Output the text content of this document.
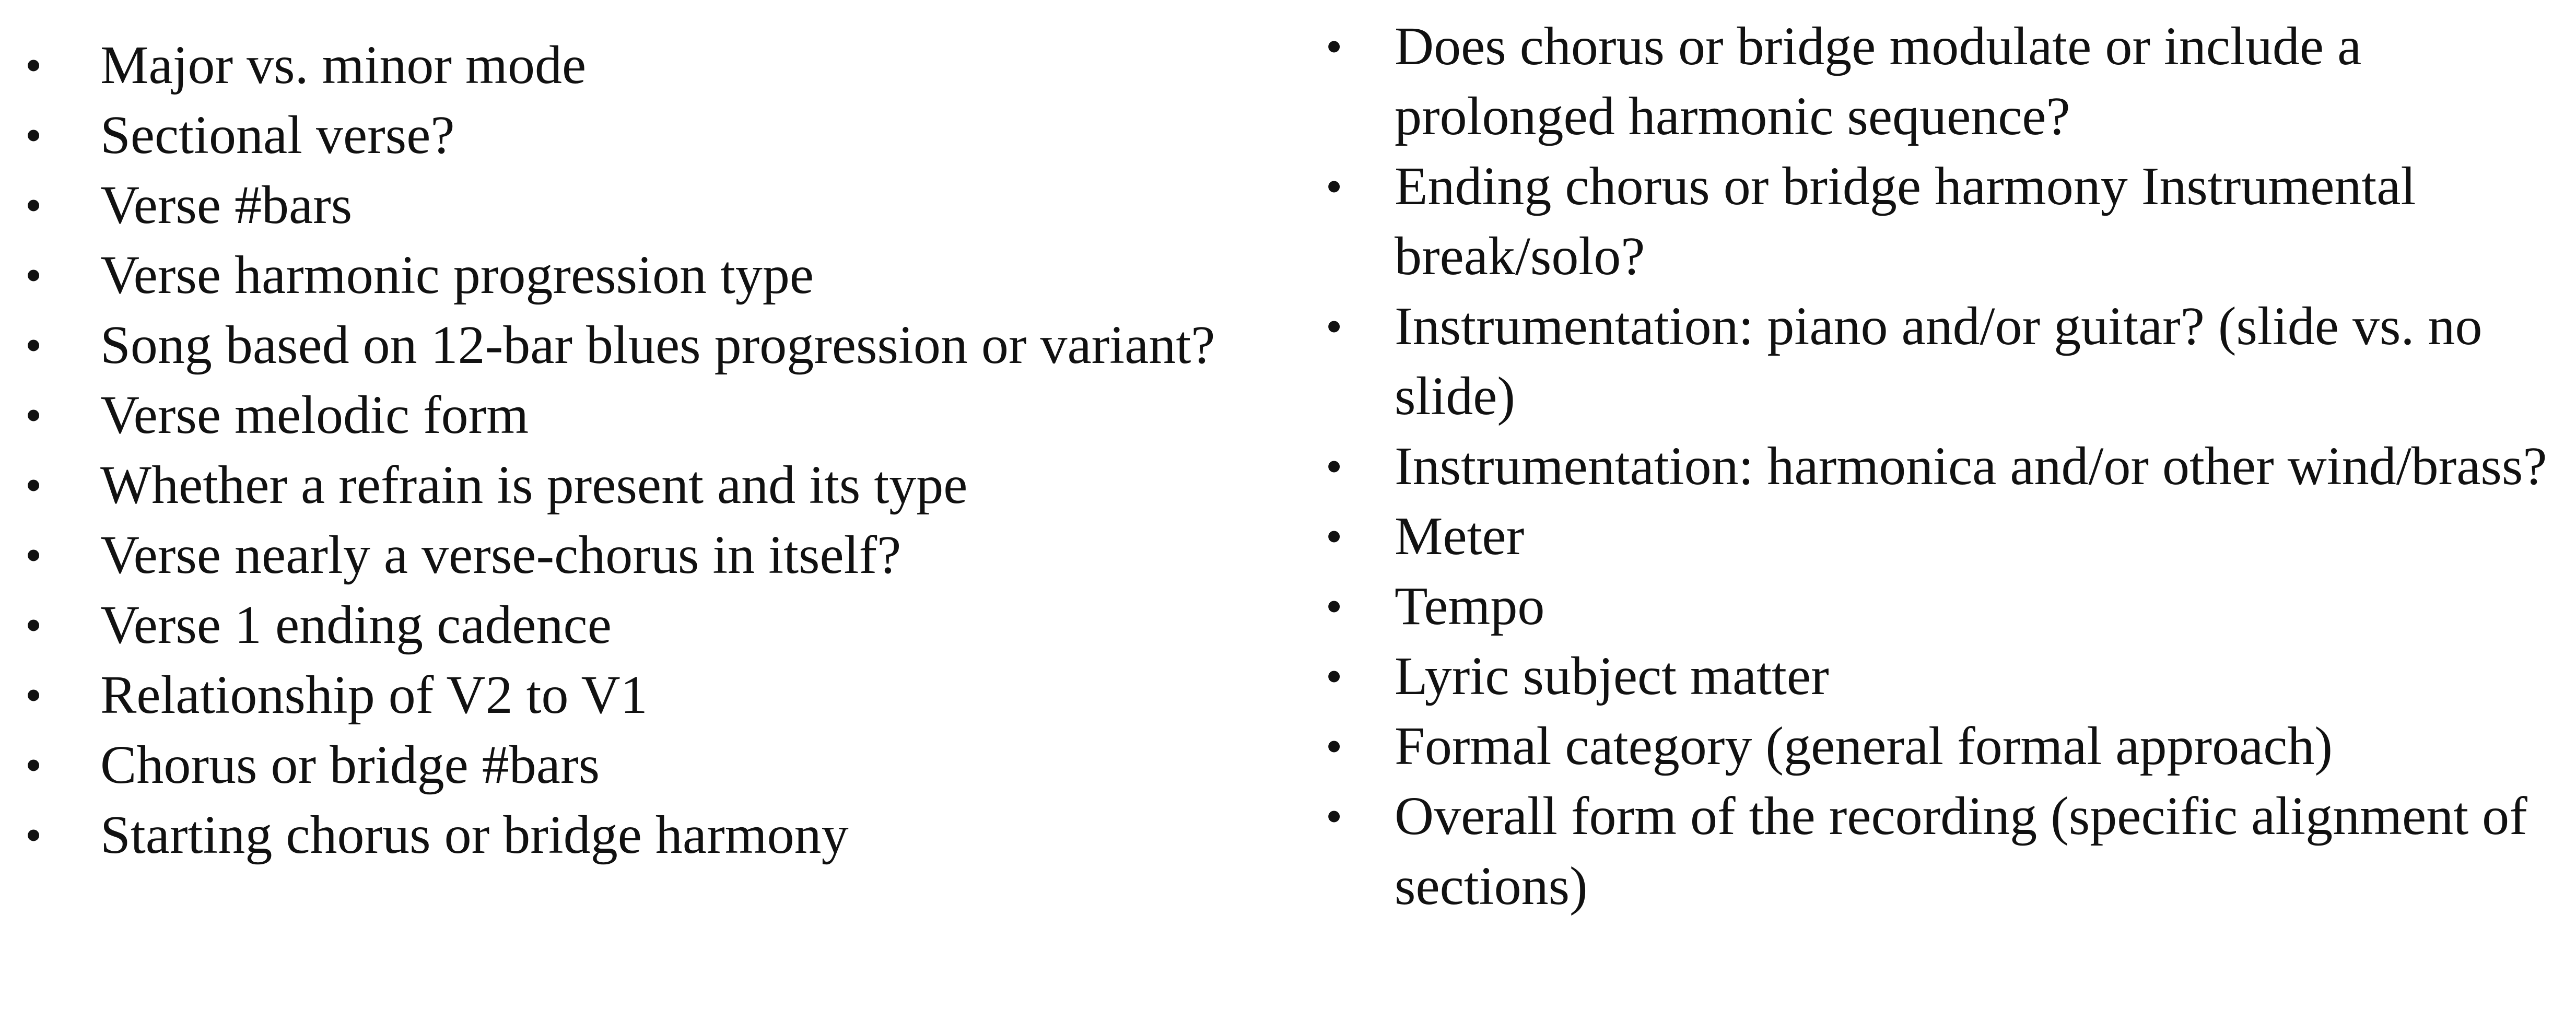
•	Major vs. minor mode
•	Sectional verse?
•	Verse #bars
•	Verse harmonic progression type
•	Song based on 12-bar blues progression or variant?
•	Verse melodic form
•	Whether a refrain is present and its type
•	Verse nearly a verse-chorus in itself?
•	Verse 1 ending cadence
•	Relationship of V2 to V1
•	Chorus or bridge #bars
•	Starting chorus or bridge harmony
• Does chorus or bridge modulate or include a prolonged harmonic sequence?
• Ending chorus or bridge harmony Instrumental break/solo?
• Instrumentation: piano and/or guitar? (slide vs. no slide)
• Instrumentation: harmonica and/or other wind/brass?
• Meter
• Tempo
• Lyric subject matter
• Formal category (general formal approach)
• Overall form of the recording (specific alignment of sections)
